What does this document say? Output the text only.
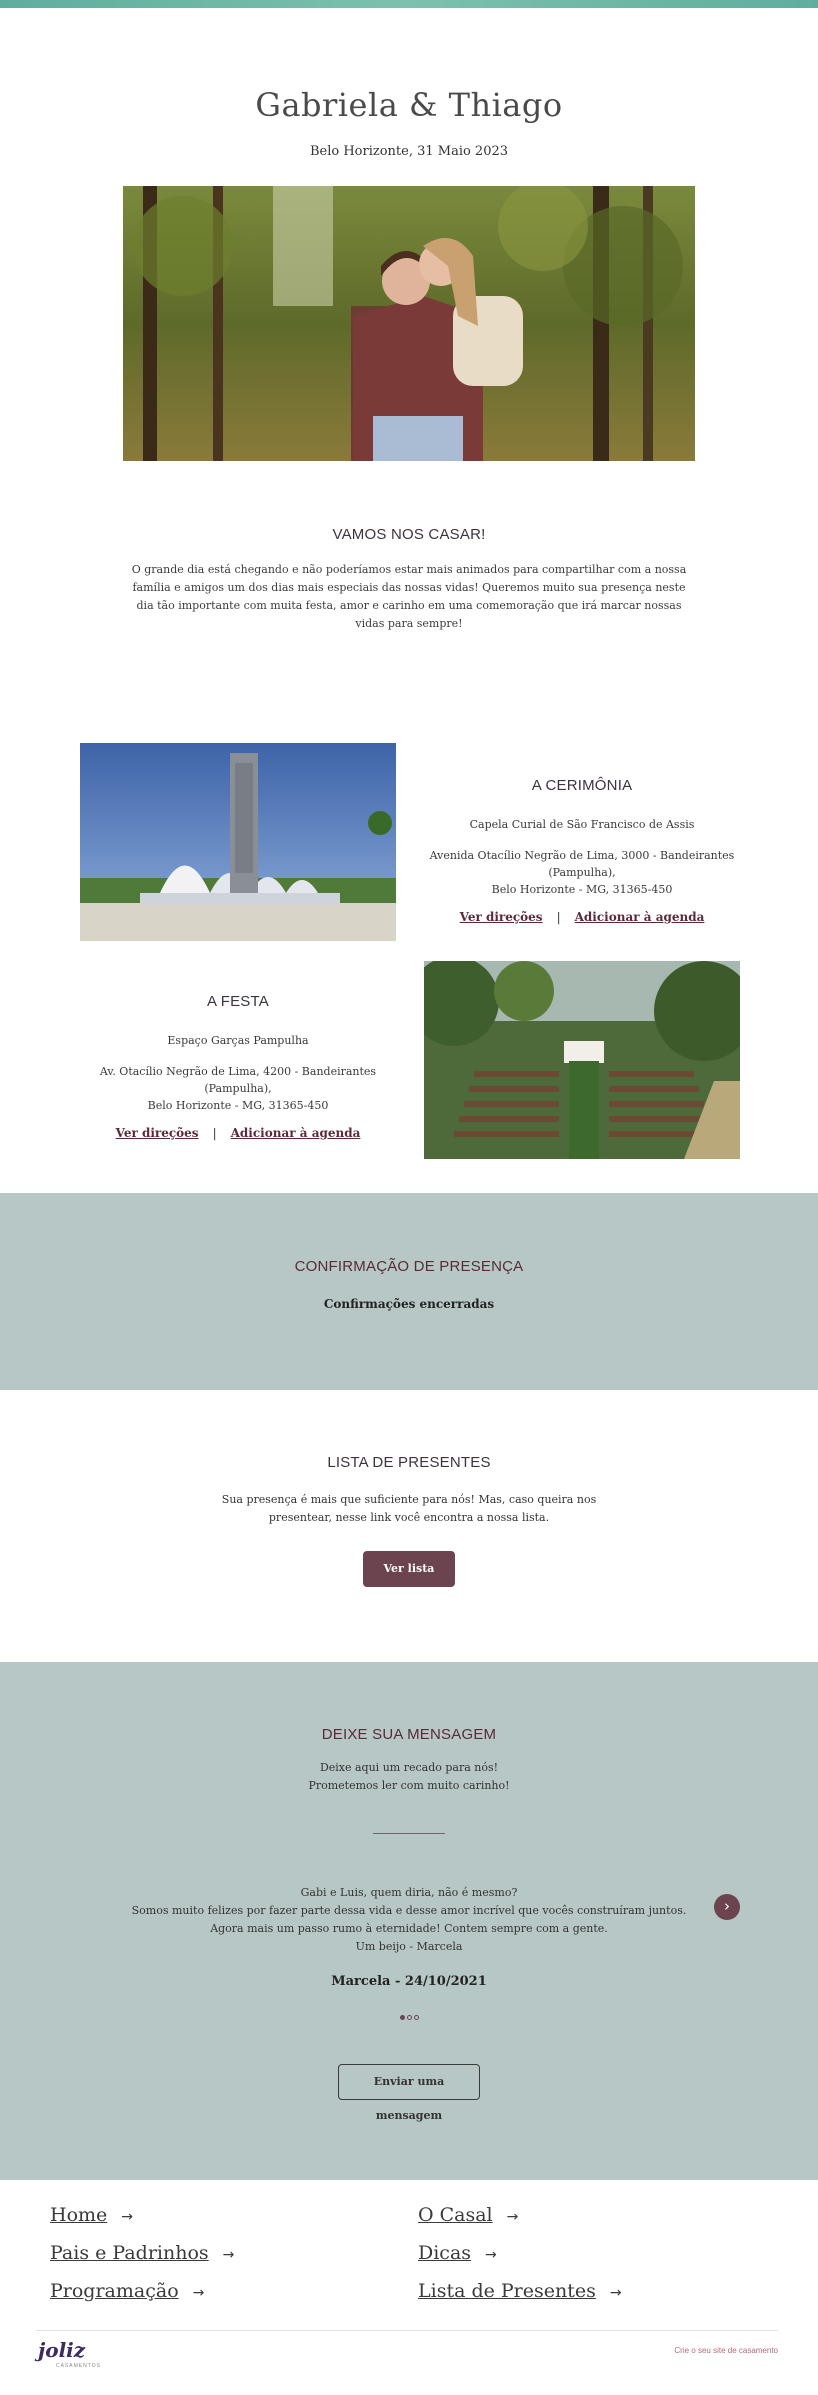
Gabriela & Thiago
Belo Horizonte, 31 Maio 2023
VAMOS NOS CASAR!

O grande dia está chegando e não poderíamos estar mais animados para compartilhar com a nossa família e amigos um dos dias mais especiais das nossas vidas! Queremos muito sua presença neste dia tão importante com muita festa, amor e carinho em uma comemoração que irá marcar nossas vidas para sempre!

A CERIMÔNIA
Capela Curial de São Francisco de Assis
Avenida Otacílio Negrão de Lima, 3000 - Bandeirantes (Pampulha),
Belo Horizonte - MG, 31365-450
Ver direções | Adicionar à agenda
A FESTA
Espaço Garças Pampulha
Av. Otacílio Negrão de Lima, 4200 - Bandeirantes (Pampulha),
Belo Horizonte - MG, 31365-450
Ver direções | Adicionar à agenda
CONFIRMAÇÃO DE PRESENÇA
Confirmações encerradas
LISTA DE PRESENTES

Sua presença é mais que suficiente para nós! Mas, caso queira nos presentear, nesse link você encontra a nossa lista.

Ver lista
DEIXE SUA MENSAGEM
Deixe aqui um recado para nós!
Prometemos ler com muito carinho!
Gabi e Luis, quem diria, não é mesmo?
Somos muito felizes por fazer parte dessa vida e desse amor incrível que vocês construíram juntos. Agora mais um passo rumo à eternidade! Contem sempre com a gente.
Um beijo - Marcela
Marcela - 24/10/2021
›
Enviar uma mensagem
Home →
Pais e Padrinhos →
Programação →
O Casal →
Dicas →
Lista de Presentes →
joliz
CASAMENTOS
Crie o seu site de casamento
